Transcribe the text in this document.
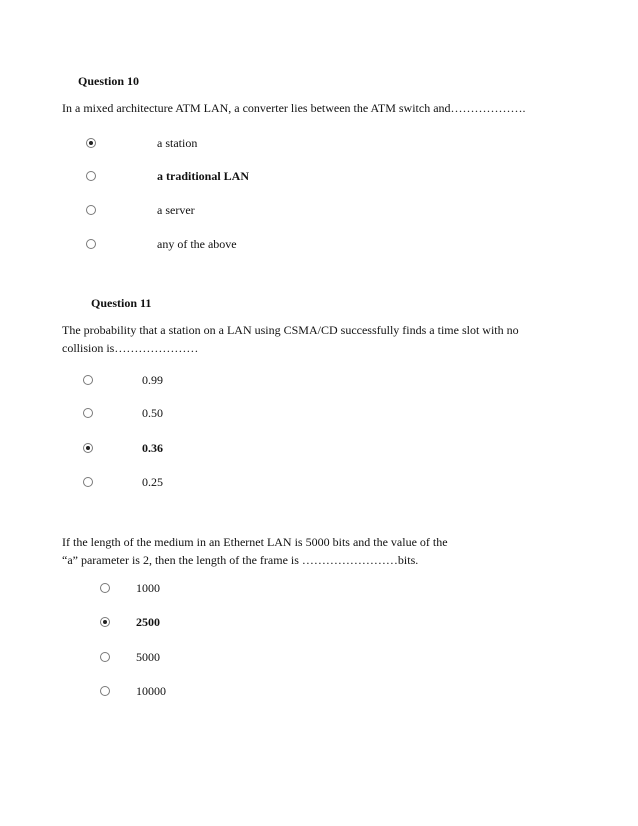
Question 10

In a mixed architecture ATM LAN, a converter lies between the ATM switch and……………….

a station
a traditional LAN
a server
any of the above

Question 11

The probability that a station on a LAN using CSMA/CD successfully finds a time slot with no

collision is…………………

0.99
0.50
0.36
0.25

If the length of the medium in an Ethernet LAN is 5000 bits and the value of the

“a” parameter is 2, then the length of the frame is ……………………bits.

1000
2500
5000
10000
